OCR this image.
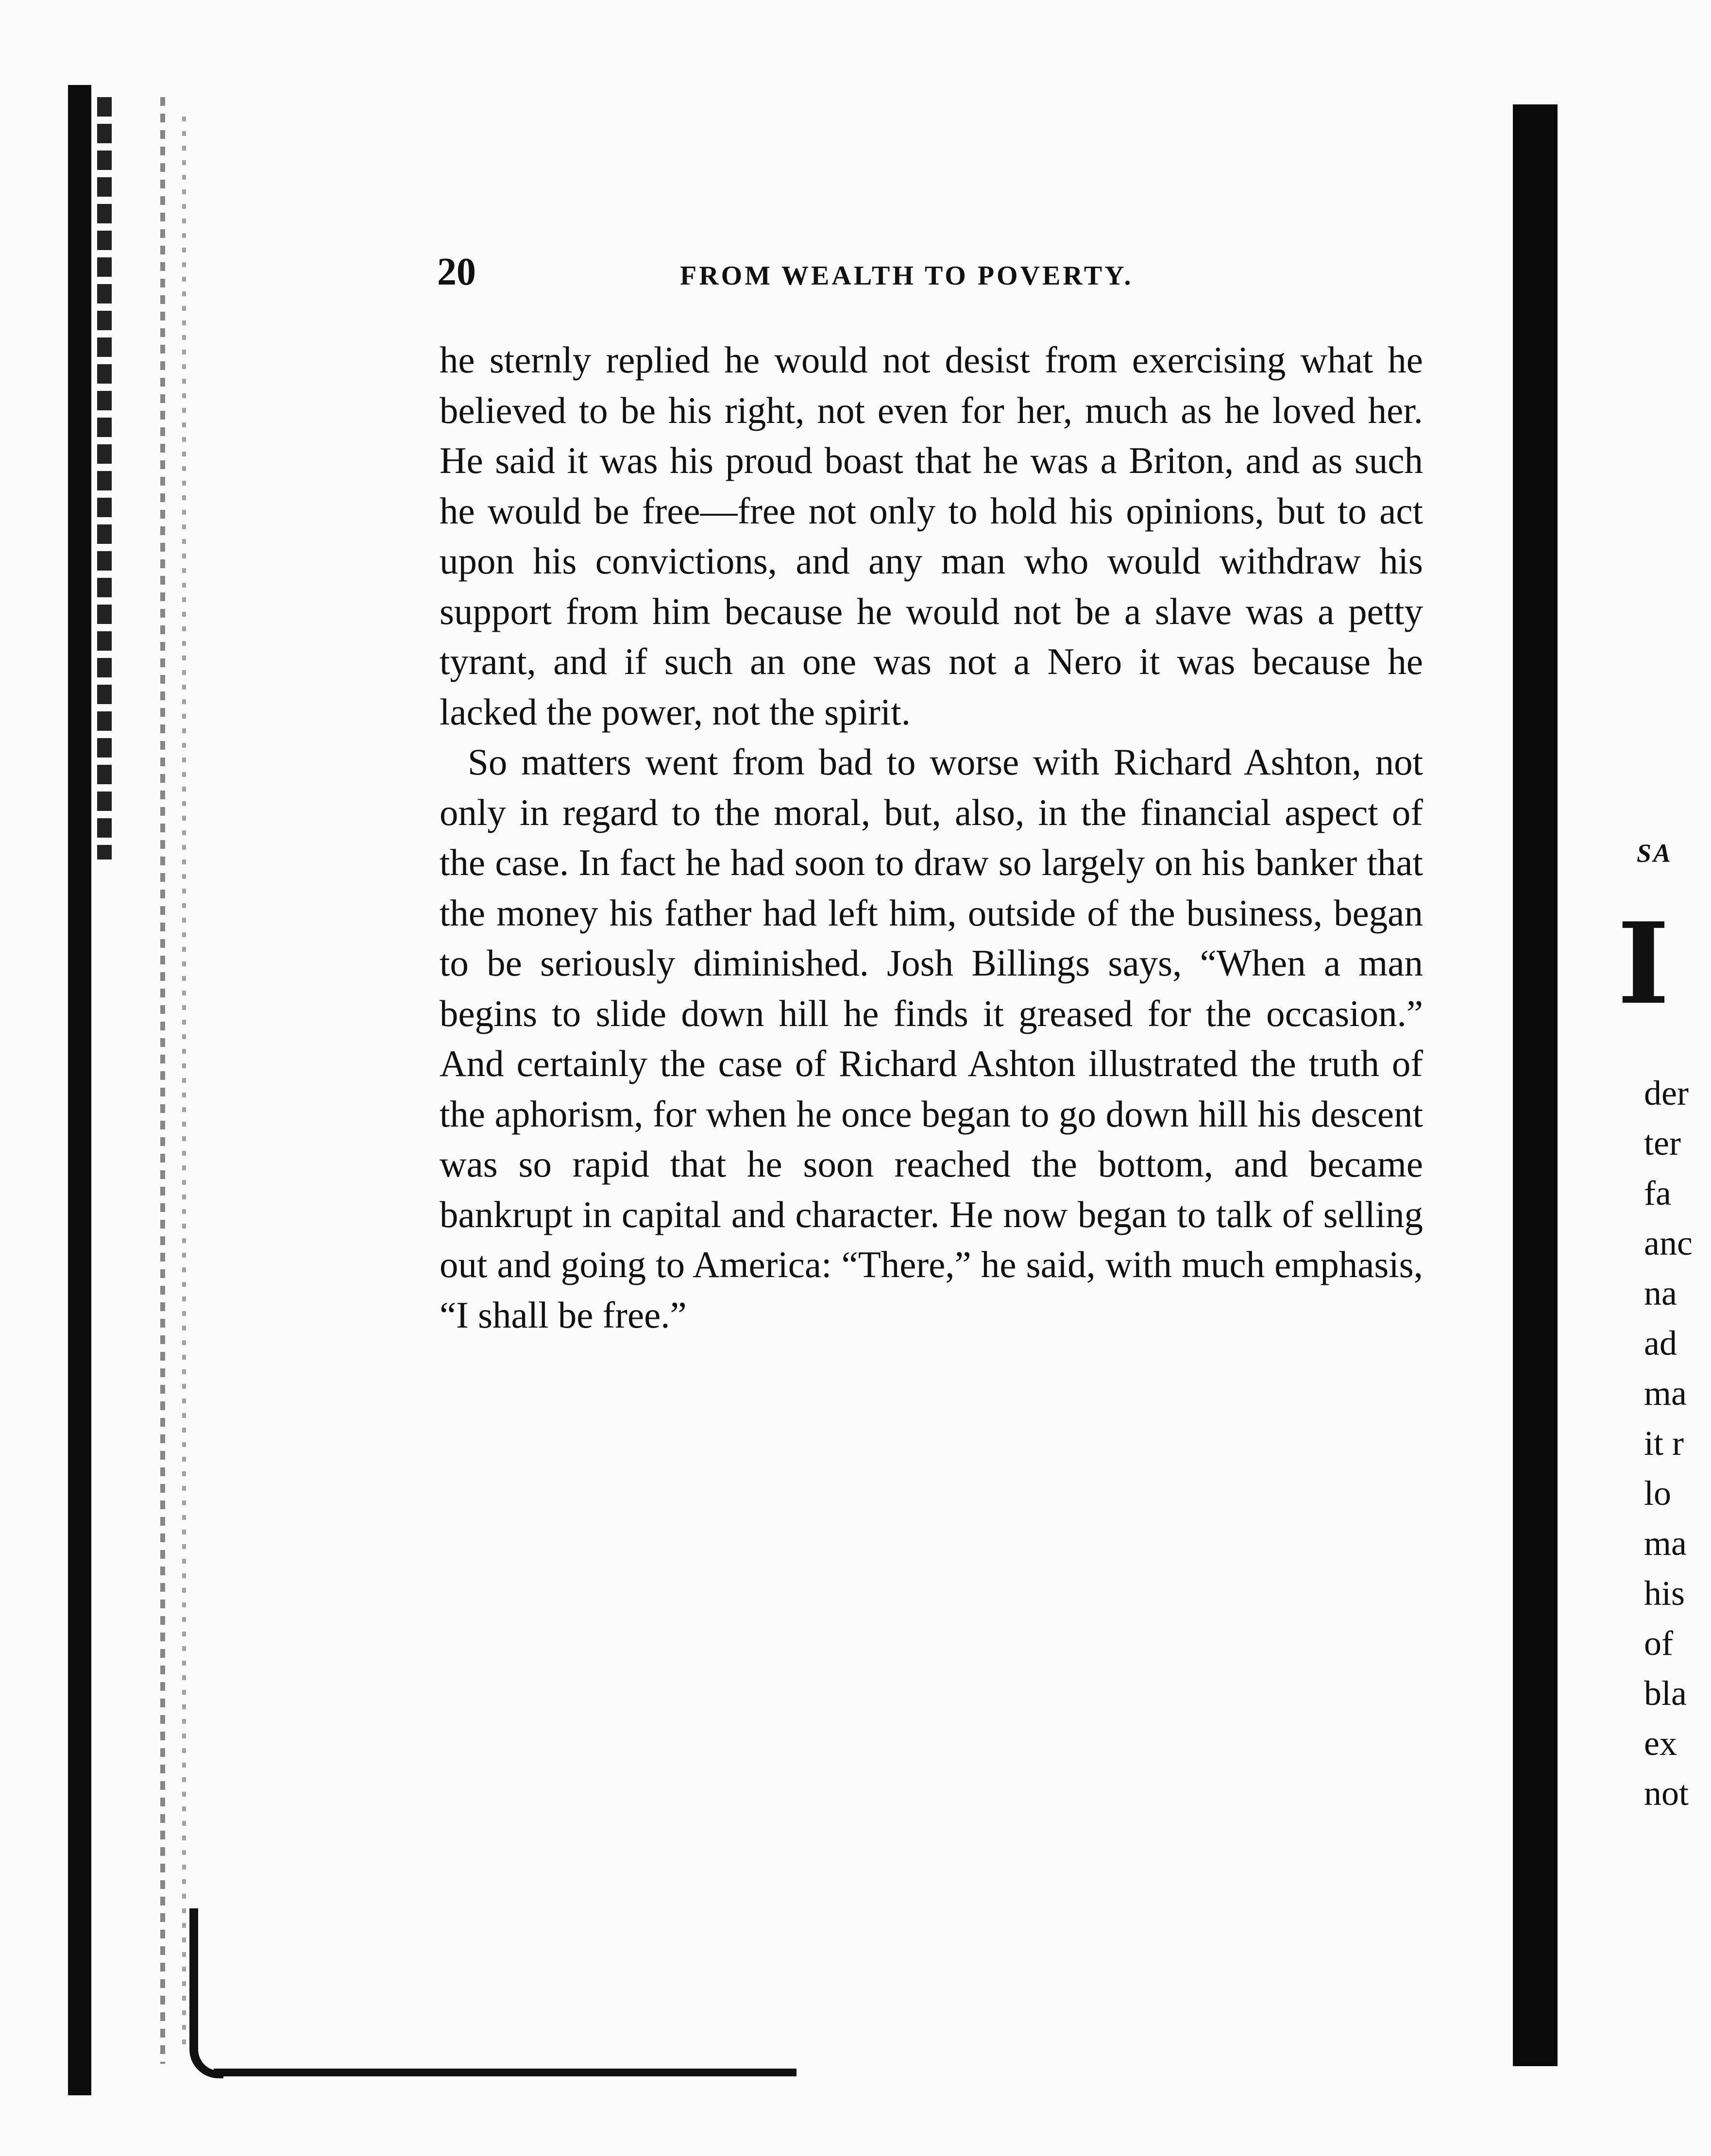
20	FROM WEALTH TO POVERTY.

he sternly replied he would not desist from exercising what he believed to be his right, not even for her, much as he loved her. He said it was his proud boast that he was a Briton, and as such he would be free—free not only to hold his opinions, but to act upon his convictions, and any man who would withdraw his support from him because he would not be a slave was a petty tyrant, and if such an one was not a Nero it was because he lacked the power, not the spirit.

So matters went from bad to worse with Richard Ashton, not only in regard to the moral, but, also, in the financial aspect of the case. In fact he had soon to draw so largely on his banker that the money his father had left him, outside of the business, began to be seriously diminished. Josh Billings says, “When a man begins to slide down hill he finds it greased for the occasion.” And certainly the case of Richard Ashton illustrated the truth of the aphorism, for when he once began to go down hill his descent was so rapid that he soon reached the bottom, and became bankrupt in capital and character. He now began to talk of selling out and going to America: “There,” he said, with much emphasis, “I shall be free.”

SA
I
der
ter
fa
anc
na
ad
ma
it r
lo
ma
his
of
bla
ex
not
